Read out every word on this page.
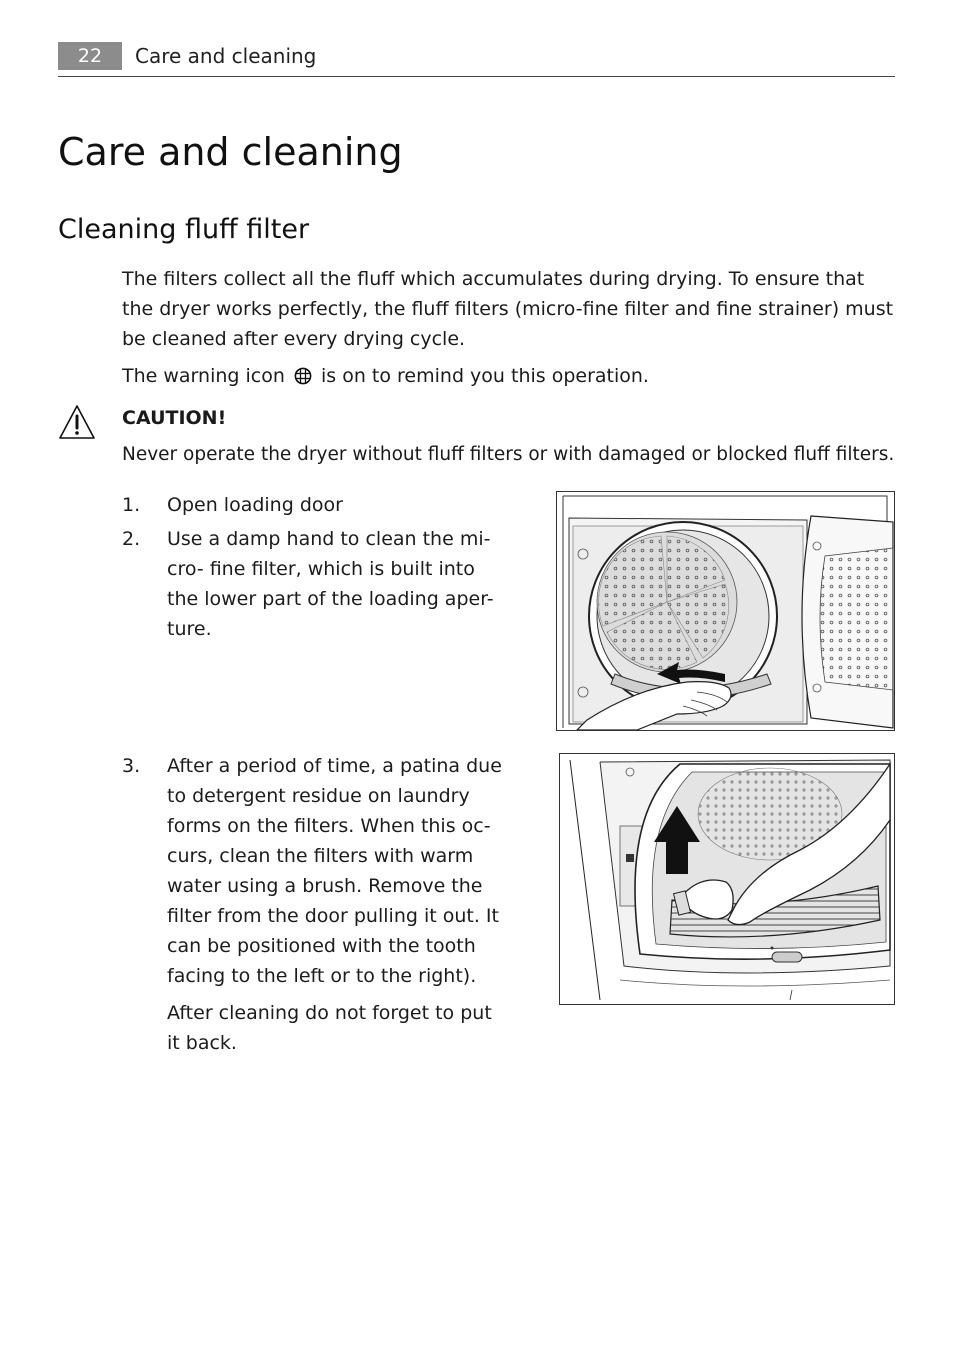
22	Care and cleaning
Care and cleaning
Cleaning fluff filter

The filters collect all the fluff which accumulates during drying. To ensure that the dryer works perfectly, the fluff filters (micro-fine filter and fine strainer) must be cleaned after every drying cycle.

The warning icon is on to remind you this operation.

CAUTION!

Never operate the dryer without fluff filters or with damaged or blocked fluff filters.

1. Open loading door
2. Use a damp hand to clean the mi-
cro- fine filter, which is built into
the lower part of the loading aper-
ture.
3. After a period of time, a patina due
to detergent residue on laundry
forms on the filters. When this oc-
curs, clean the filters with warm
water using a brush. Remove the
filter from the door pulling it out. It
can be positioned with the tooth
facing to the left or to the right).
After cleaning do not forget to put
it back.
